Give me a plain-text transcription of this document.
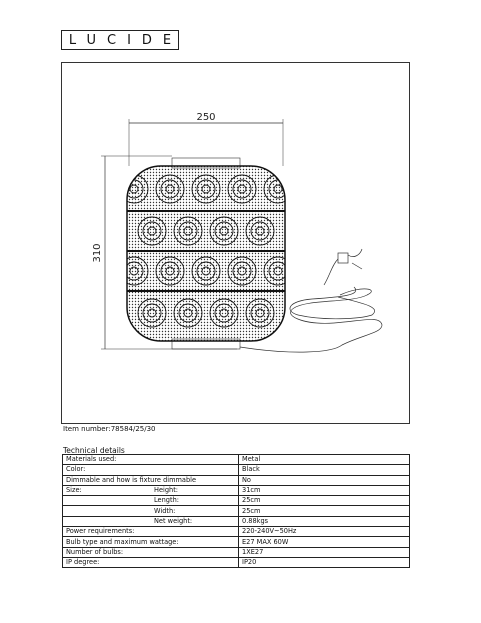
LUCIDE
250
310
Item number:78584/25/30
Technical details
Materials used:	Metal
Color:	Black
Dimmable and how is fixture dimmable	No
Size: Height:	31cm
Length:	25cm
Width:	25cm
Net weight:	0.88kgs
Power requirements:	220-240V~50Hz
Bulb type and maximum wattage:	E27 MAX 60W
Number of bulbs:	1XE27
IP degree:	IP20
